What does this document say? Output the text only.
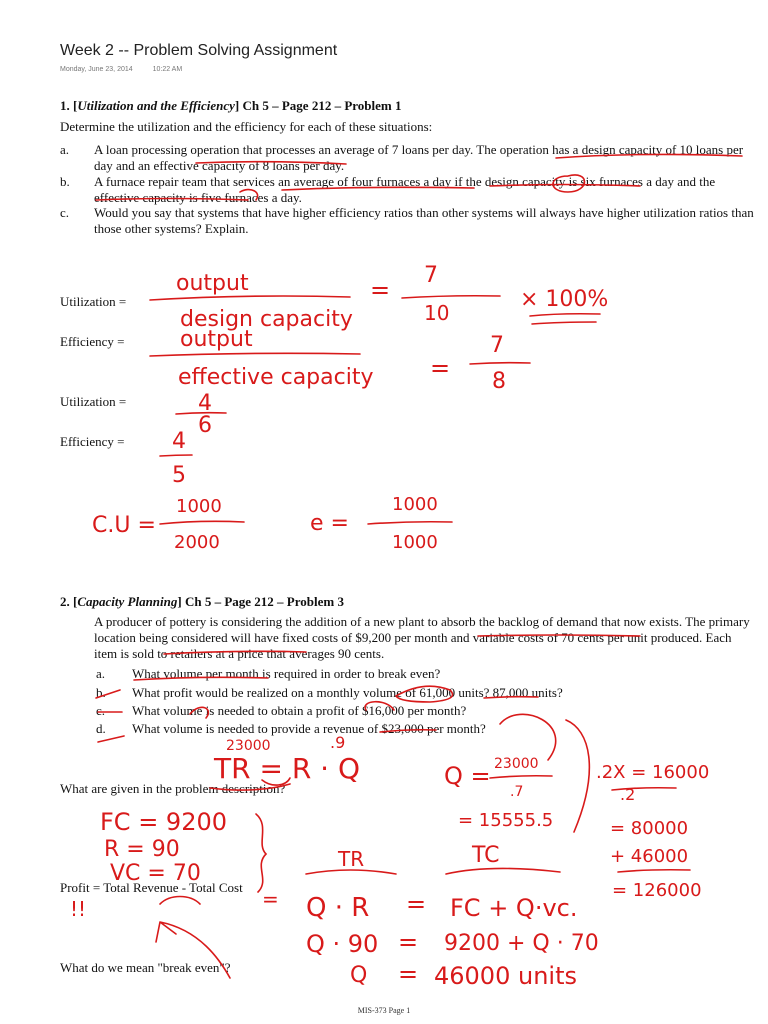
Week 2 -- Problem Solving Assignment
Monday, June 23, 2014	10:22 AM
1. [Utilization and the Efficiency] Ch 5 – Page 212 – Problem 1
Determine the utilization and the efficiency for each of these situations:
a. A loan processing operation that processes an average of 7 loans per day. The operation has a design capacity of 10 loans per
day and an effective capacity of 8 loans per day.
b. A furnace repair team that services an average of four furnaces a day if the design capacity is six furnaces a day and the
effective capacity is five furnaces a day.
c. Would you say that systems that have higher efficiency ratios than other systems will always have higher utilization ratios than
those other systems? Explain.
Utilization =
Efficiency =
Utilization =
Efficiency =
2. [Capacity Planning] Ch 5 – Page 212 – Problem 3
A producer of pottery is considering the addition of a new plant to absorb the backlog of demand that now exists. The primary
location being considered will have fixed costs of $9,200 per month and variable costs of 70 cents per unit produced. Each
item is sold to retailers at a price that averages 90 cents.
a. What volume per month is required in order to break even?
b. What profit would be realized on a monthly volume of 61,000 units? 87,000 units?
c. What volume is needed to obtain a profit of $16,000 per month?
d. What volume is needed to provide a revenue of $23,000 per month?
What are given in the problem description?
Profit = Total Revenue - Total Cost
What do we mean "break even"?
MIS-373 Page 1
output
design capacity
=
7
10
× 100%
output
effective capacity =
7
8
4
6
4
5
C.U =
1000
2000
e =
1000
1000
23000	.9
TR = R · Q	Q = 23000
.7
= 15555.5
.2X = 16000
.2
= 80000
+ 46000
= 126000
FC = 9200
R = 90
VC = 70
TR	TC
= Q · R = FC + Q·vc.
Q · 90 = 9200 + Q · 70
Q = 46000 units
!!
